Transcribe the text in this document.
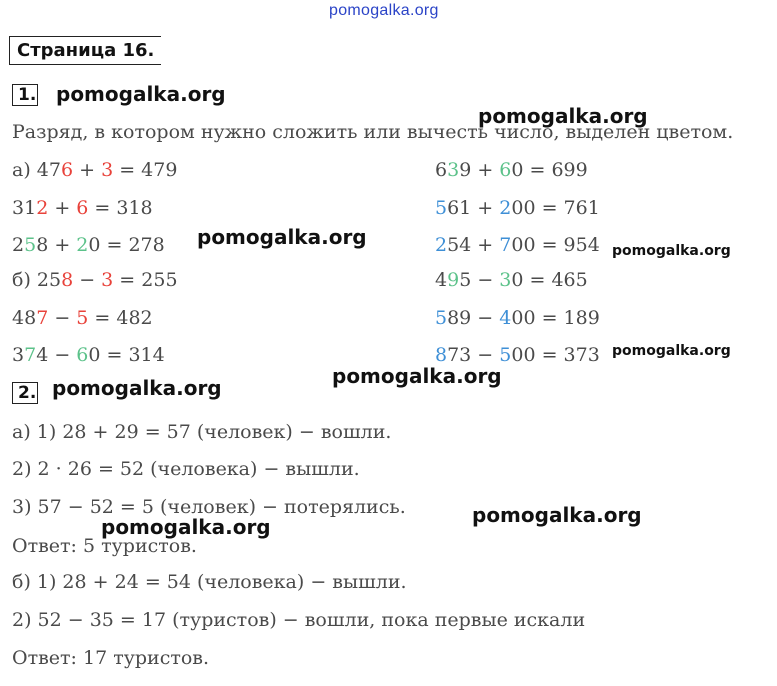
pomogalka.org
Страница 16.
1. pomogalka.org
pomogalka.org
Разряд, в котором нужно сложить или вычесть число, выделен цветом.
а) 476 + 3 = 479
312 + 6 = 318
258 + 20 = 278
б) 258 − 3 = 255
487 − 5 = 482
374 − 60 = 314
639 + 60 = 699
561 + 200 = 761
254 + 700 = 954
495 − 30 = 465
589 − 400 = 189
873 − 500 = 373
pomogalka.org
pomogalka.org
pomogalka.org
2. pomogalka.org	pomogalka.org
а) 1) 28 + 29 = 57 (человек) − вошли.
2) 2 · 26 = 52 (человека) − вышли.
3) 57 − 52 = 5 (человек) − потерялись.
Ответ: 5 туристов.
б) 1) 28 + 24 = 54 (человека) − вышли.
2) 52 − 35 = 17 (туристов) − вошли, пока первые искали
Ответ: 17 туристов.
pomogalka.org	pomogalka.org
